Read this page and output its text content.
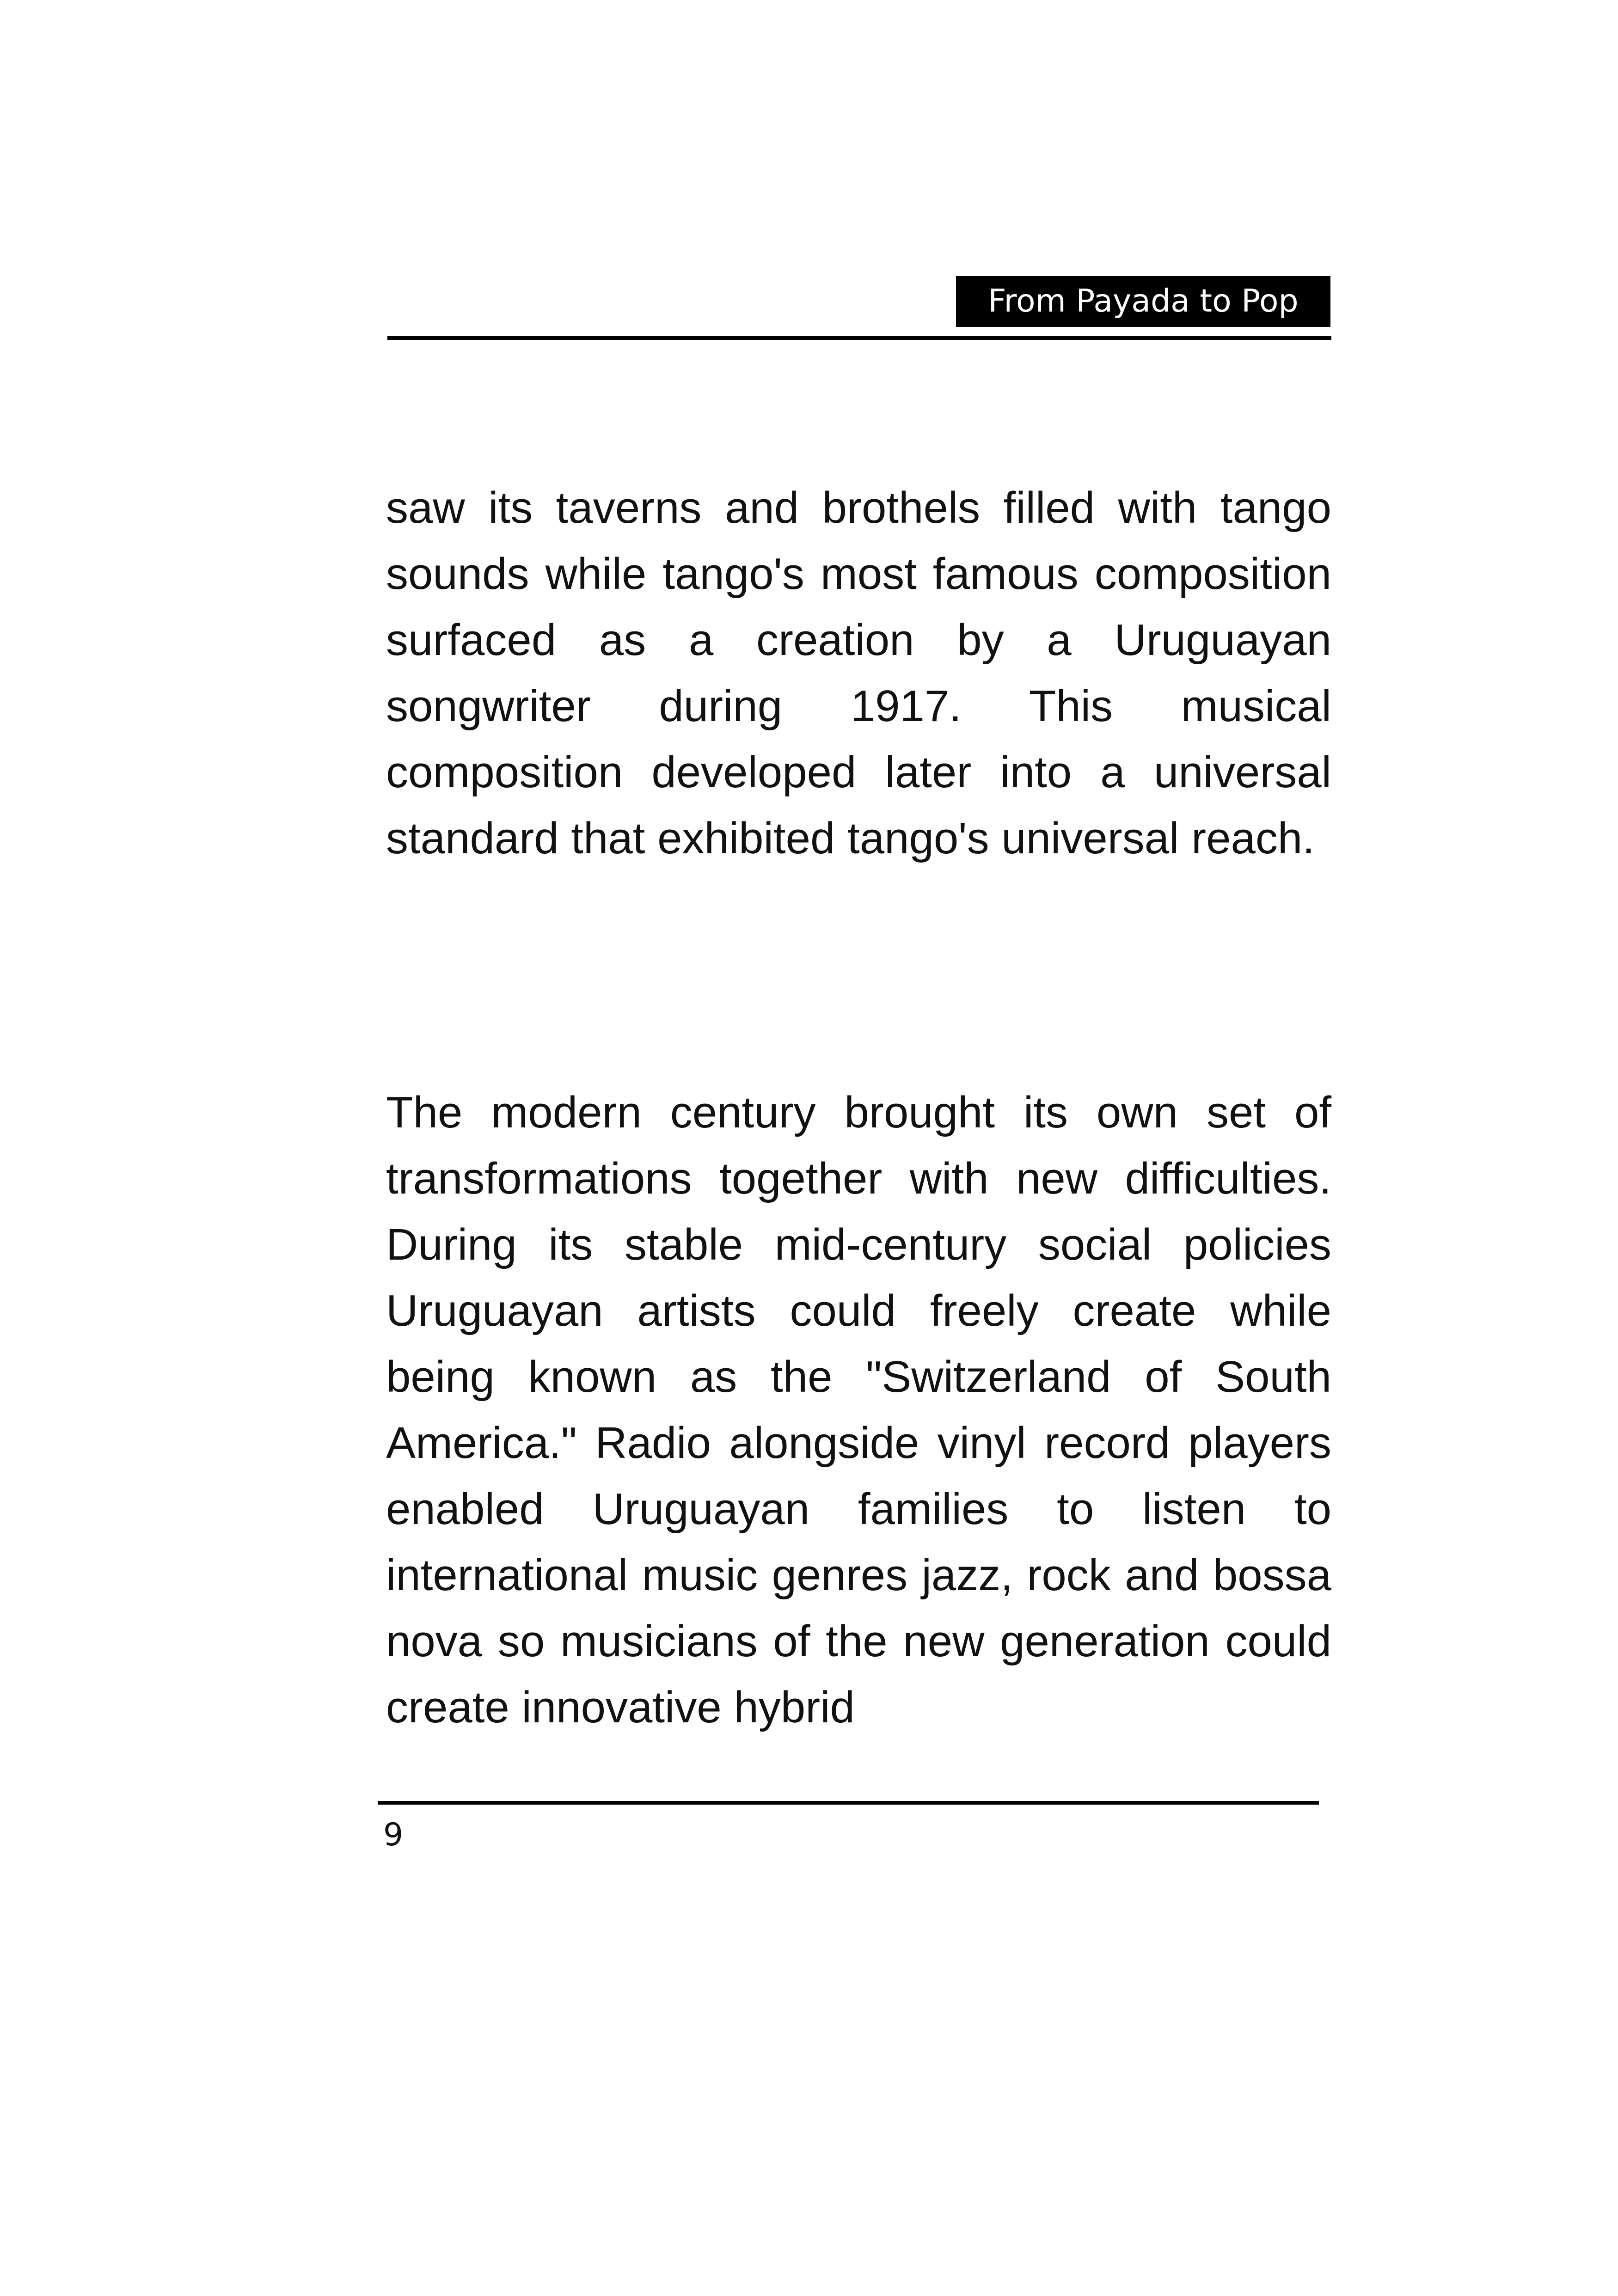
From Payada to Pop

saw its taverns and brothels filled with tango sounds while tango's most famous composition surfaced as a creation by a Uruguayan songwriter during 1917. This musical composition developed later into a universal standard that exhibited tango's universal reach.

The modern century brought its own set of transformations together with new difficulties. During its stable mid-century social policies Uruguayan artists could freely create while being known as the "Switzerland of South America." Radio alongside vinyl record players enabled Uruguayan families to listen to international music genres jazz, rock and bossa nova so musicians of the new generation could create innovative hybrid

9
